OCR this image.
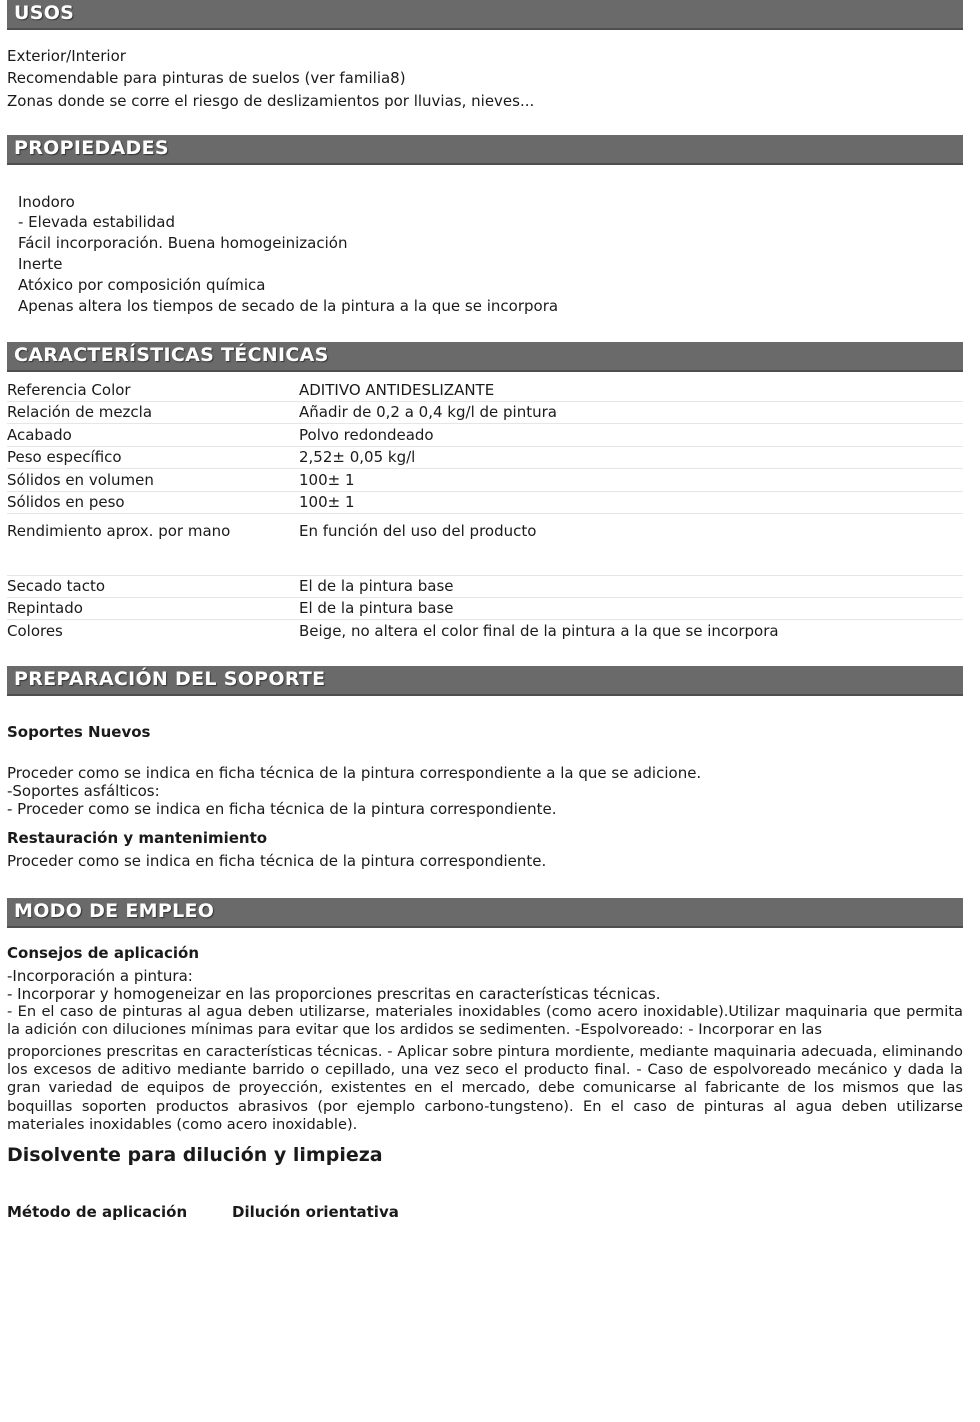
USOS
Exterior/Interior
Recomendable para pinturas de suelos (ver familia8)
Zonas donde se corre el riesgo de deslizamientos por lluvias, nieves...
PROPIEDADES
Inodoro
- Elevada estabilidad
Fácil incorporación. Buena homogeinización
Inerte
Atóxico por composición química
Apenas altera los tiempos de secado de la pintura a la que se incorpora
CARACTERÍSTICAS TÉCNICAS
Referencia Color	ADITIVO ANTIDESLIZANTE
Relación de mezcla	Añadir de 0,2 a 0,4 kg/l de pintura
Acabado	Polvo redondeado
Peso específico	2,52± 0,05 kg/l
Sólidos en volumen	100± 1
Sólidos en peso	100± 1
Rendimiento aprox. por mano	En función del uso del producto
Secado tacto	El de la pintura base
Repintado	El de la pintura base
Colores	Beige, no altera el color final de la pintura a la que se incorpora
PREPARACIÓN DEL SOPORTE
Soportes Nuevos
Proceder como se indica en ficha técnica de la pintura correspondiente a la que se adicione.
-Soportes asfálticos:
- Proceder como se indica en ficha técnica de la pintura correspondiente.
Restauración y mantenimiento
Proceder como se indica en ficha técnica de la pintura correspondiente.
MODO DE EMPLEO
Consejos de aplicación
-Incorporación a pintura:
- Incorporar y homogeneizar en las proporciones prescritas en características técnicas.
- En el caso de pinturas al agua deben utilizarse, materiales inoxidables (como acero inoxidable).Utilizar maquinaria que permita la adición con diluciones mínimas para evitar que los ardidos se sedimenten. -Espolvoreado: - Incorporar en las
proporciones prescritas en características técnicas. - Aplicar sobre pintura mordiente, mediante maquinaria adecuada, eliminando los excesos de aditivo mediante barrido o cepillado, una vez seco el producto final. - Caso de espolvoreado mecánico y dada la gran variedad de equipos de proyección, existentes en el mercado, debe comunicarse al fabricante de los mismos que las boquillas soporten productos abrasivos (por ejemplo carbono-tungsteno). En el caso de pinturas al agua deben utilizarse materiales inoxidables (como acero inoxidable).
Disolvente para dilución y limpieza
Método de aplicación	Dilución orientativa
